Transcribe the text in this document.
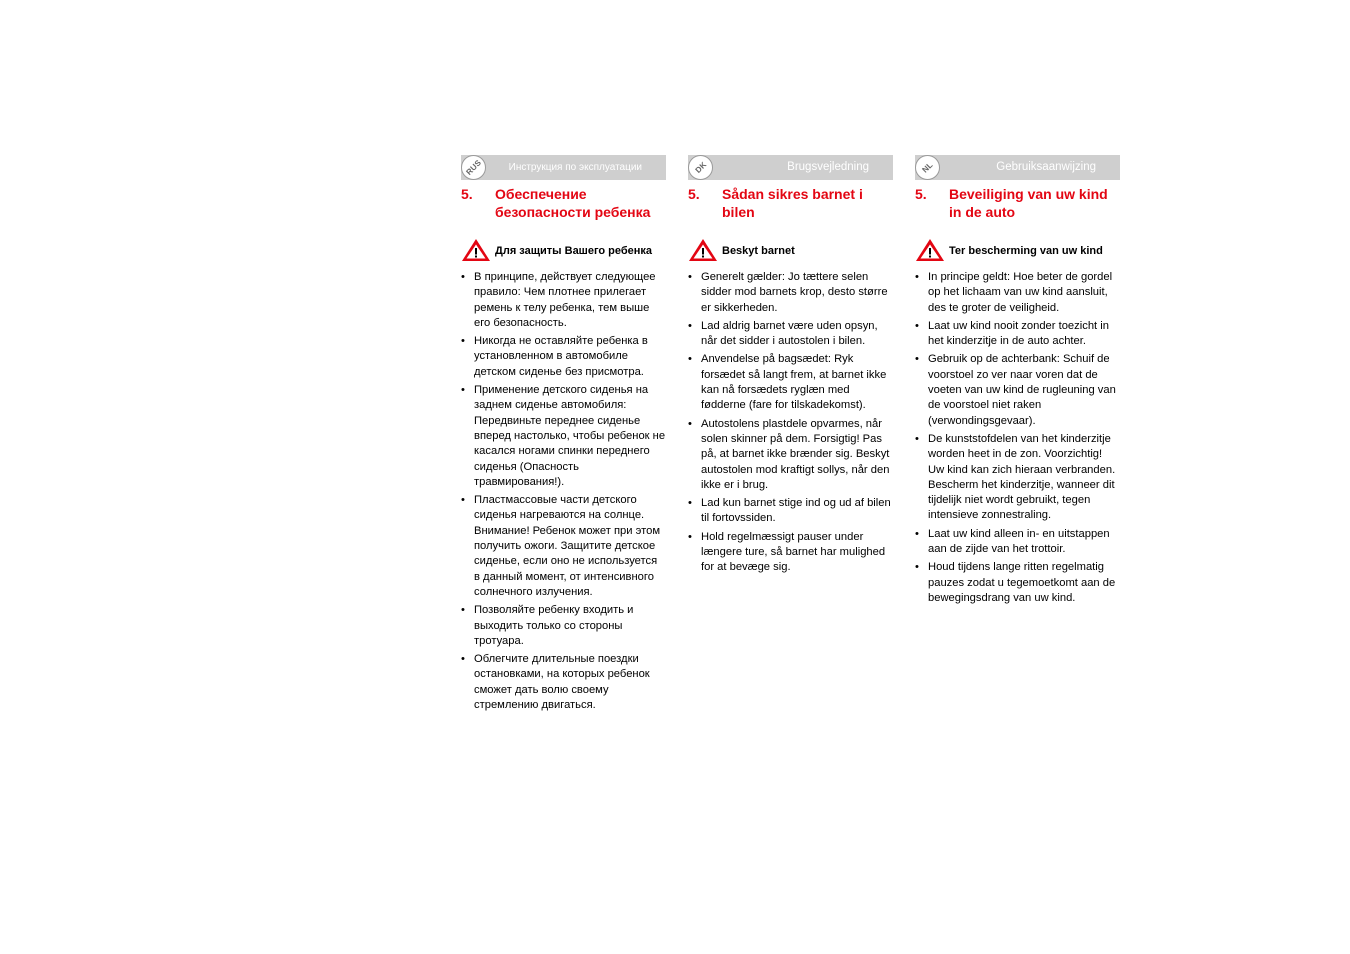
RUS	Инструкция по эксплуатации
5.	Обеспечение безопасности ребенка
Для защиты Вашего ребенка
• В принципе, действует следующее правило: Чем плотнее прилегает ремень к телу ребенка, тем выше его безопасность.
• Никогда не оставляйте ребенка в установленном в автомобиле детском сиденье без присмотра.
• Применение детского сиденья на заднем сиденье автомобиля: Передвиньте переднее сиденье вперед настолько, чтобы ребенок не касался ногами спинки переднего сиденья (Опасность травмирования!).
• Пластмассовые части детского сиденья нагреваются на солнце. Внимание! Ребенок может при этом получить ожоги. Защитите детское сиденье, если оно не используется в данный момент, от интенсивного солнечного излучения.
• Позволяйте ребенку входить и выходить только со стороны тротуара.
• Облегчите длительные поездки остановками, на которых ребенок сможет дать волю своему стремлению двигаться.
DK	Brugsvejledning
5.	Sådan sikres barnet i bilen
Beskyt barnet
• Generelt gælder: Jo tættere selen sidder mod barnets krop, desto større er sikkerheden.
• Lad aldrig barnet være uden opsyn, når det sidder i autostolen i bilen.
• Anvendelse på bagsædet: Ryk forsædet så langt frem, at barnet ikke kan nå forsædets ryglæn med fødderne (fare for tilskadekomst).
• Autostolens plastdele opvarmes, når solen skinner på dem. Forsigtig! Pas på, at barnet ikke brænder sig. Beskyt autostolen mod kraftigt sollys, når den ikke er i brug.
• Lad kun barnet stige ind og ud af bilen til fortovssiden.
• Hold regelmæssigt pauser under længere ture, så barnet har mulighed for at bevæge sig.
NL	Gebruiksaanwijzing
5.	Beveiliging van uw kind in de auto
Ter bescherming van uw kind
• In principe geldt: Hoe beter de gordel op het lichaam van uw kind aansluit, des te groter de veiligheid.
• Laat uw kind nooit zonder toezicht in het kinderzitje in de auto achter.
• Gebruik op de achterbank: Schuif de voorstoel zo ver naar voren dat de voeten van uw kind de rugleuning van de voorstoel niet raken (verwondingsgevaar).
• De kunststofdelen van het kinderzitje worden heet in de zon. Voorzichtig! Uw kind kan zich hieraan verbranden. Bescherm het kinderzitje, wanneer dit tijdelijk niet wordt gebruikt, tegen intensieve zonnestraling.
• Laat uw kind alleen in- en uitstappen aan de zijde van het trottoir.
• Houd tijdens lange ritten regelmatig pauzes zodat u tegemoetkomt aan de bewegingsdrang van uw kind.
